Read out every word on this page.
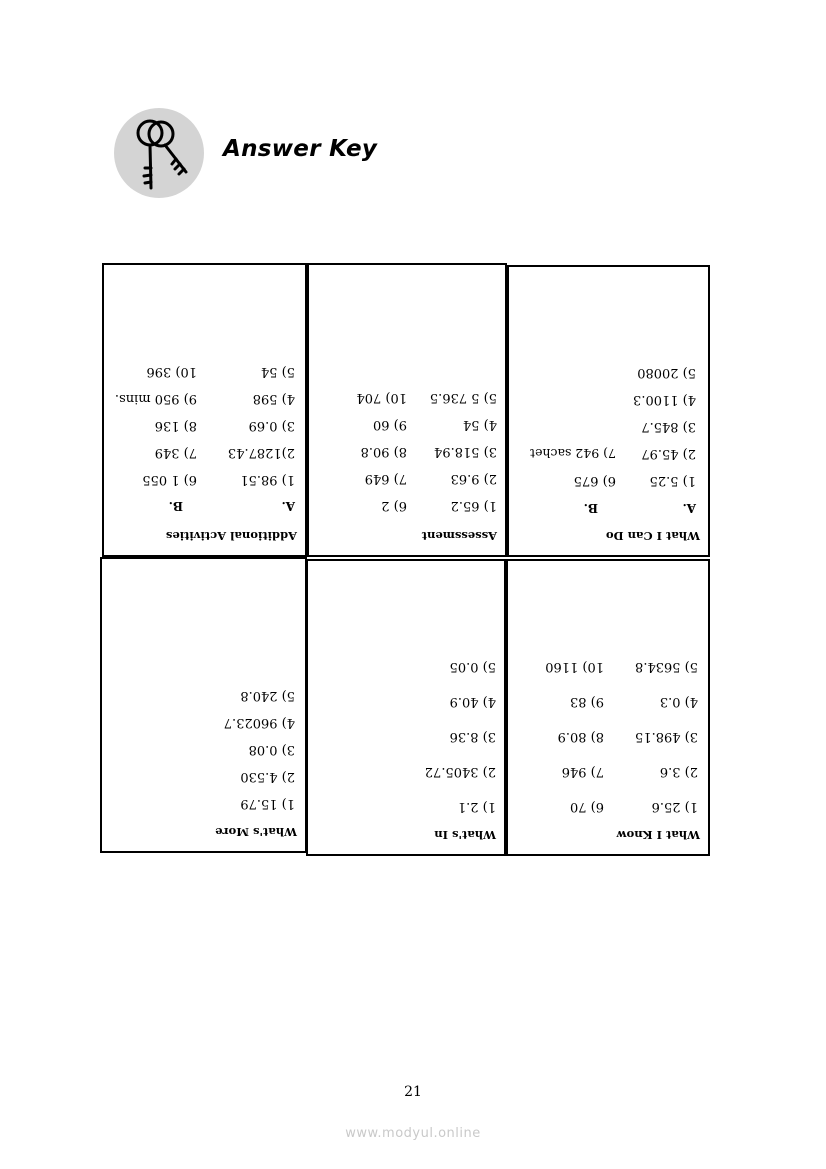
Answer Key
Additional Activities
A.
B.
1) 98.51
2)1287.43
3) 0.69
4) 598
5) 54
6) 1 055
7) 349
8) 136
9) 950 mins.
10) 396
Assessment
1) 65.2
2) 9.63
3) 518.94
4) 54
5) 5 736.5
6) 2
7) 649
8) 90.8
9) 60
10) 704
What I Can Do
A.
B.
1) 5.25
2) 45.97
3) 845.7
4) 1100.3
5) 20080
6) 675
7) 942 sachet
What's More
1) 15.79
2) 4.530
3) 0.08
4) 96023.7
5) 240.8
What's In
1) 2.1
2) 3405.72
3) 8.36
4) 40.9
5) 0.05
What I Know
1) 25.6
2) 3.6
3) 498.15
4) 0.3
5) 5634.8
6) 70
7) 946
8) 80.9
9) 83
10) 1160
21
www.modyul.online
